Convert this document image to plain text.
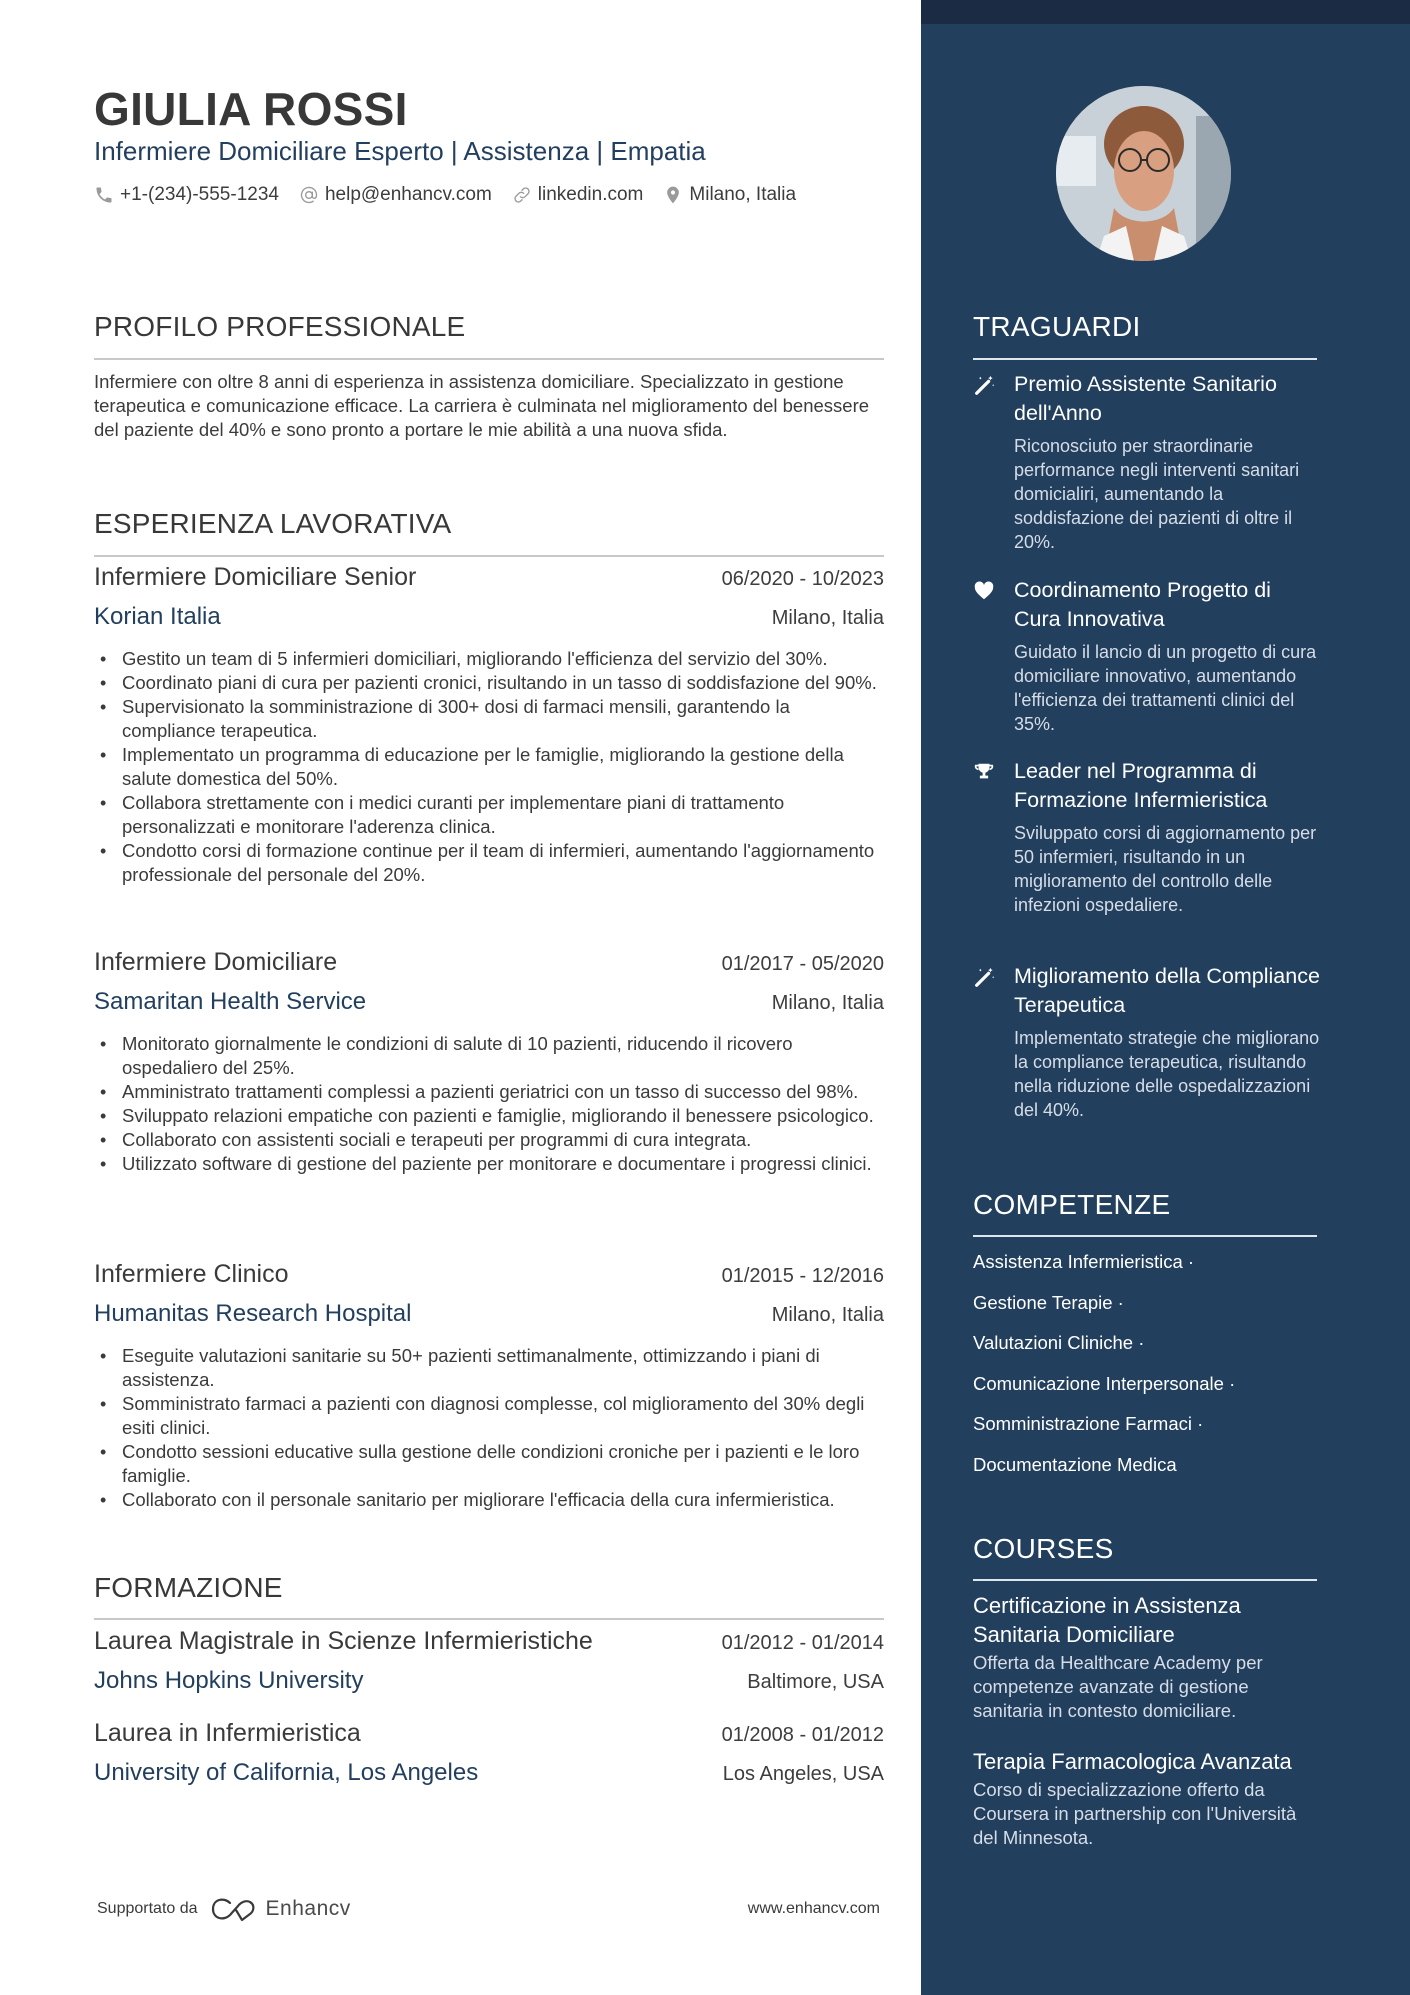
GIULIA ROSSI
Infermiere Domiciliare Esperto | Assistenza | Empatia
+1-(234)-555-1234 help@enhancv.com linkedin.com Milano, Italia
PROFILO PROFESSIONALE
Infermiere con oltre 8 anni di esperienza in assistenza domiciliare. Specializzato in gestione terapeutica e comunicazione efficace. La carriera è culminata nel miglioramento del benessere del paziente del 40% e sono pronto a portare le mie abilità a una nuova sfida.
ESPERIENZA LAVORATIVA
Infermiere Domiciliare Senior	06/2020 - 10/2023
Korian Italia	Milano, Italia
• Gestito un team di 5 infermieri domiciliari, migliorando l'efficienza del servizio del 30%.
• Coordinato piani di cura per pazienti cronici, risultando in un tasso di soddisfazione del 90%.
• Supervisionato la somministrazione di 300+ dosi di farmaci mensili, garantendo la compliance terapeutica.
• Implementato un programma di educazione per le famiglie, migliorando la gestione della salute domestica del 50%.
• Collabora strettamente con i medici curanti per implementare piani di trattamento personalizzati e monitorare l'aderenza clinica.
• Condotto corsi di formazione continue per il team di infermieri, aumentando l'aggiornamento professionale del personale del 20%.
Infermiere Domiciliare	01/2017 - 05/2020
Samaritan Health Service	Milano, Italia
• Monitorato giornalmente le condizioni di salute di 10 pazienti, riducendo il ricovero ospedaliero del 25%.
• Amministrato trattamenti complessi a pazienti geriatrici con un tasso di successo del 98%.
• Sviluppato relazioni empatiche con pazienti e famiglie, migliorando il benessere psicologico.
• Collaborato con assistenti sociali e terapeuti per programmi di cura integrata.
• Utilizzato software di gestione del paziente per monitorare e documentare i progressi clinici.
Infermiere Clinico	01/2015 - 12/2016
Humanitas Research Hospital	Milano, Italia
• Eseguite valutazioni sanitarie su 50+ pazienti settimanalmente, ottimizzando i piani di assistenza.
• Somministrato farmaci a pazienti con diagnosi complesse, col miglioramento del 30% degli esiti clinici.
• Condotto sessioni educative sulla gestione delle condizioni croniche per i pazienti e le loro famiglie.
• Collaborato con il personale sanitario per migliorare l'efficacia della cura infermieristica.
FORMAZIONE
Laurea Magistrale in Scienze Infermieristiche	01/2012 - 01/2014
Johns Hopkins University	Baltimore, USA
Laurea in Infermieristica	01/2008 - 01/2012
University of California, Los Angeles	Los Angeles, USA
Supportato da	Enhancv	www.enhancv.com
TRAGUARDI
Premio Assistente Sanitario dell'Anno
Riconosciuto per straordinarie performance negli interventi sanitari domicialiri, aumentando la soddisfazione dei pazienti di oltre il 20%.
Coordinamento Progetto di Cura Innovativa
Guidato il lancio di un progetto di cura domiciliare innovativo, aumentando l'efficienza dei trattamenti clinici del 35%.
Leader nel Programma di Formazione Infermieristica
Sviluppato corsi di aggiornamento per 50 infermieri, risultando in un miglioramento del controllo delle infezioni ospedaliere.
Miglioramento della Compliance Terapeutica
Implementato strategie che migliorano la compliance terapeutica, risultando nella riduzione delle ospedalizzazioni del 40%.
COMPETENZE
Assistenza Infermieristica ·
Gestione Terapie ·
Valutazioni Cliniche ·
Comunicazione Interpersonale ·
Somministrazione Farmaci ·
Documentazione Medica
COURSES
Certificazione in Assistenza Sanitaria Domiciliare
Offerta da Healthcare Academy per competenze avanzate di gestione sanitaria in contesto domiciliare.
Terapia Farmacologica Avanzata
Corso di specializzazione offerto da Coursera in partnership con l'Università del Minnesota.
